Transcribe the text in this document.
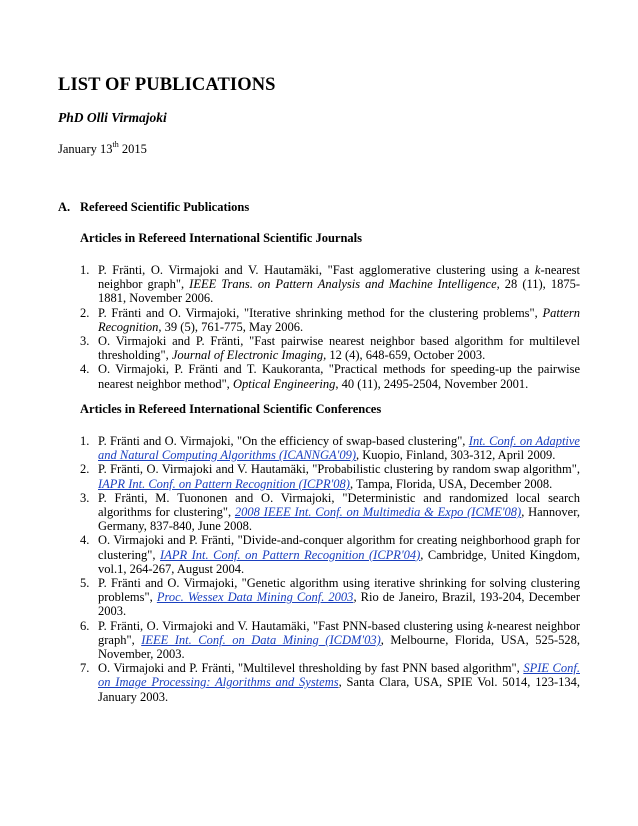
LIST OF PUBLICATIONS
PhD Olli Virmajoki
January 13th 2015
A. Refereed Scientific Publications
Articles in Refereed International Scientific Journals
1. P. Fränti, O. Virmajoki and V. Hautamäki, "Fast agglomerative clustering using a k-nearest neighbor graph", IEEE Trans. on Pattern Analysis and Machine Intelligence, 28 (11), 1875-1881, November 2006.
2. P. Fränti and O. Virmajoki, "Iterative shrinking method for the clustering problems", Pattern Recognition, 39 (5), 761-775, May 2006.
3. O. Virmajoki and P. Fränti, "Fast pairwise nearest neighbor based algorithm for multilevel thresholding", Journal of Electronic Imaging, 12 (4), 648-659, October 2003.
4. O. Virmajoki, P. Fränti and T. Kaukoranta, "Practical methods for speeding-up the pairwise nearest neighbor method", Optical Engineering, 40 (11), 2495-2504, November 2001.
Articles in Refereed International Scientific Conferences
1. P. Fränti and O. Virmajoki, "On the efficiency of swap-based clustering", Int. Conf. on Adaptive and Natural Computing Algorithms (ICANNGA'09), Kuopio, Finland, 303-312, April 2009.
2. P. Fränti, O. Virmajoki and V. Hautamäki, "Probabilistic clustering by random swap algorithm", IAPR Int. Conf. on Pattern Recognition (ICPR'08), Tampa, Florida, USA, December 2008.
3. P. Fränti, M. Tuononen and O. Virmajoki, "Deterministic and randomized local search algorithms for clustering", 2008 IEEE Int. Conf. on Multimedia & Expo (ICME'08), Hannover, Germany, 837-840, June 2008.
4. O. Virmajoki and P. Fränti, "Divide-and-conquer algorithm for creating neighborhood graph for clustering", IAPR Int. Conf. on Pattern Recognition (ICPR'04), Cambridge, United Kingdom, vol.1, 264-267, August 2004.
5. P. Fränti and O. Virmajoki, "Genetic algorithm using iterative shrinking for solving clustering problems", Proc. Wessex Data Mining Conf. 2003, Rio de Janeiro, Brazil, 193-204, December 2003.
6. P. Fränti, O. Virmajoki and V. Hautamäki, "Fast PNN-based clustering using k-nearest neighbor graph", IEEE Int. Conf. on Data Mining (ICDM'03), Melbourne, Florida, USA, 525-528, November, 2003.
7. O. Virmajoki and P. Fränti, "Multilevel thresholding by fast PNN based algorithm", SPIE Conf. on Image Processing: Algorithms and Systems, Santa Clara, USA, SPIE Vol. 5014, 123-134, January 2003.
